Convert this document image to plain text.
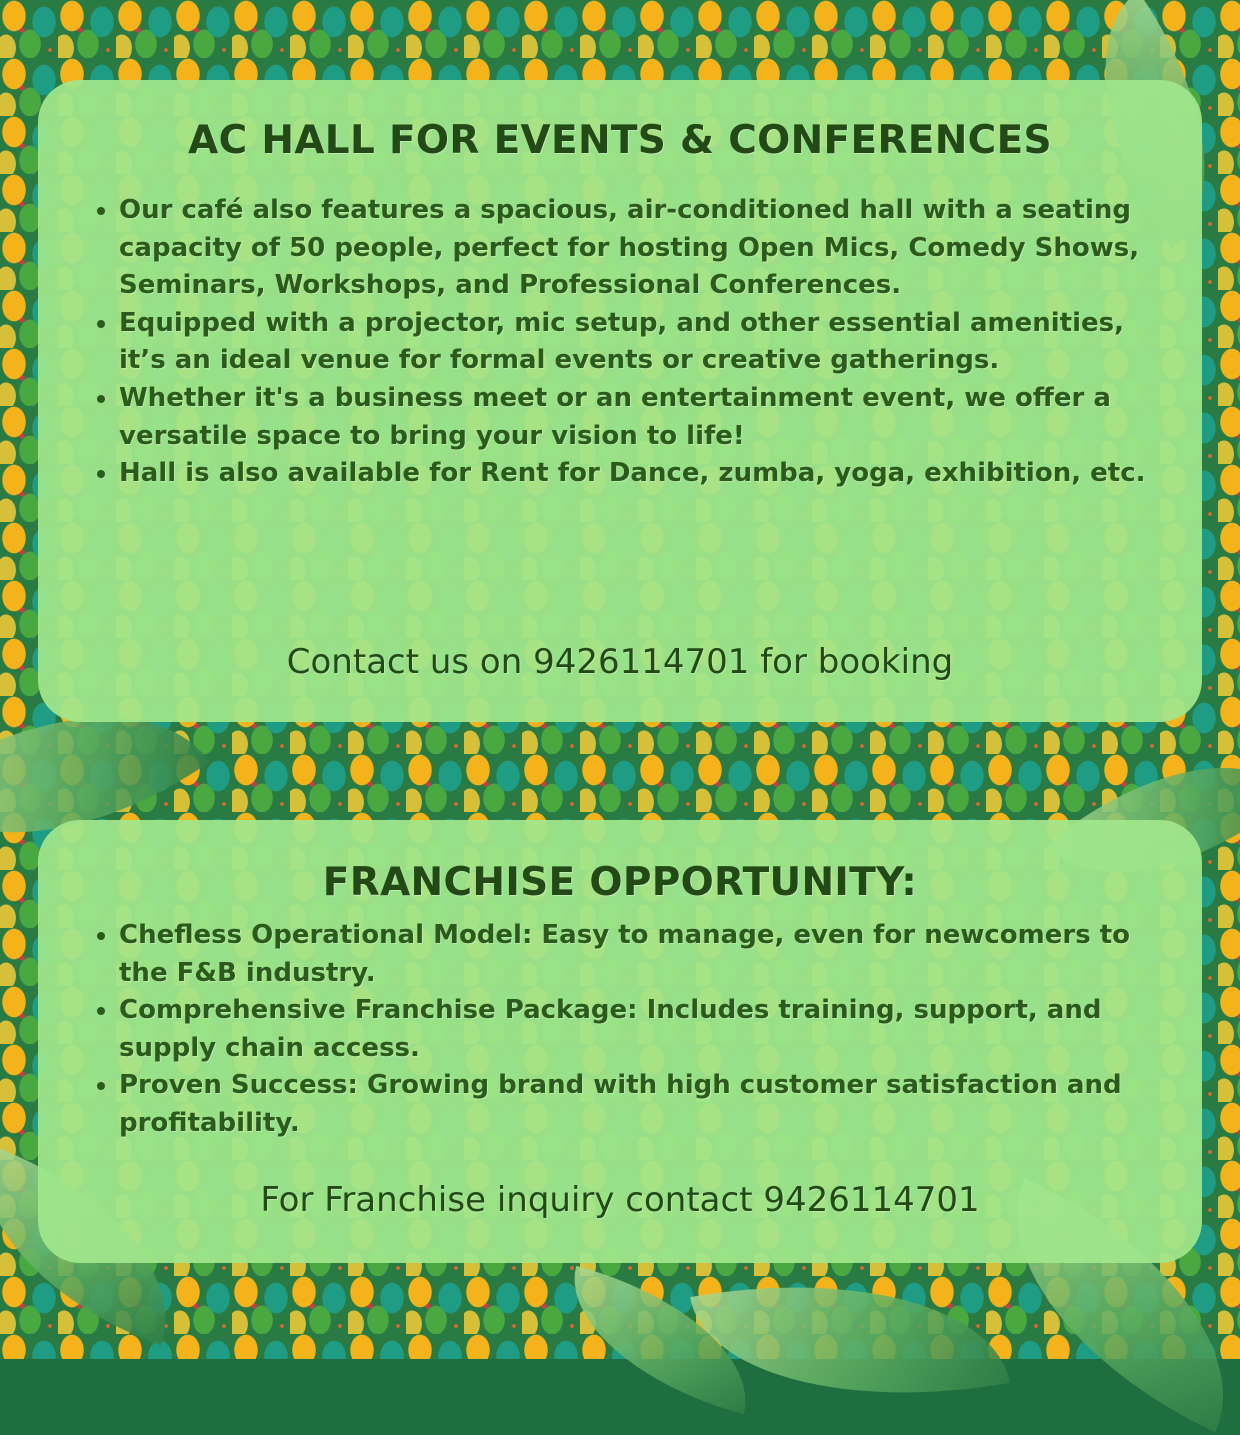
AC HALL FOR EVENTS & CONFERENCES
• Our café also features a spacious, air-conditioned hall with a seating capacity of 50 people, perfect for hosting Open Mics, Comedy Shows, Seminars, Workshops, and Professional Conferences.
• Equipped with a projector, mic setup, and other essential amenities, it’s an ideal venue for formal events or creative gatherings.
• Whether it's a business meet or an entertainment event, we offer a versatile space to bring your vision to life!
• Hall is also available for Rent for Dance, zumba, yoga, exhibition, etc.

Contact us on 9426114701 for booking

FRANCHISE OPPORTUNITY:
• Chefless Operational Model: Easy to manage, even for newcomers to the F&B industry.
• Comprehensive Franchise Package: Includes training, support, and supply chain access.
• Proven Success: Growing brand with high customer satisfaction and profitability.

For Franchise inquiry contact 9426114701
